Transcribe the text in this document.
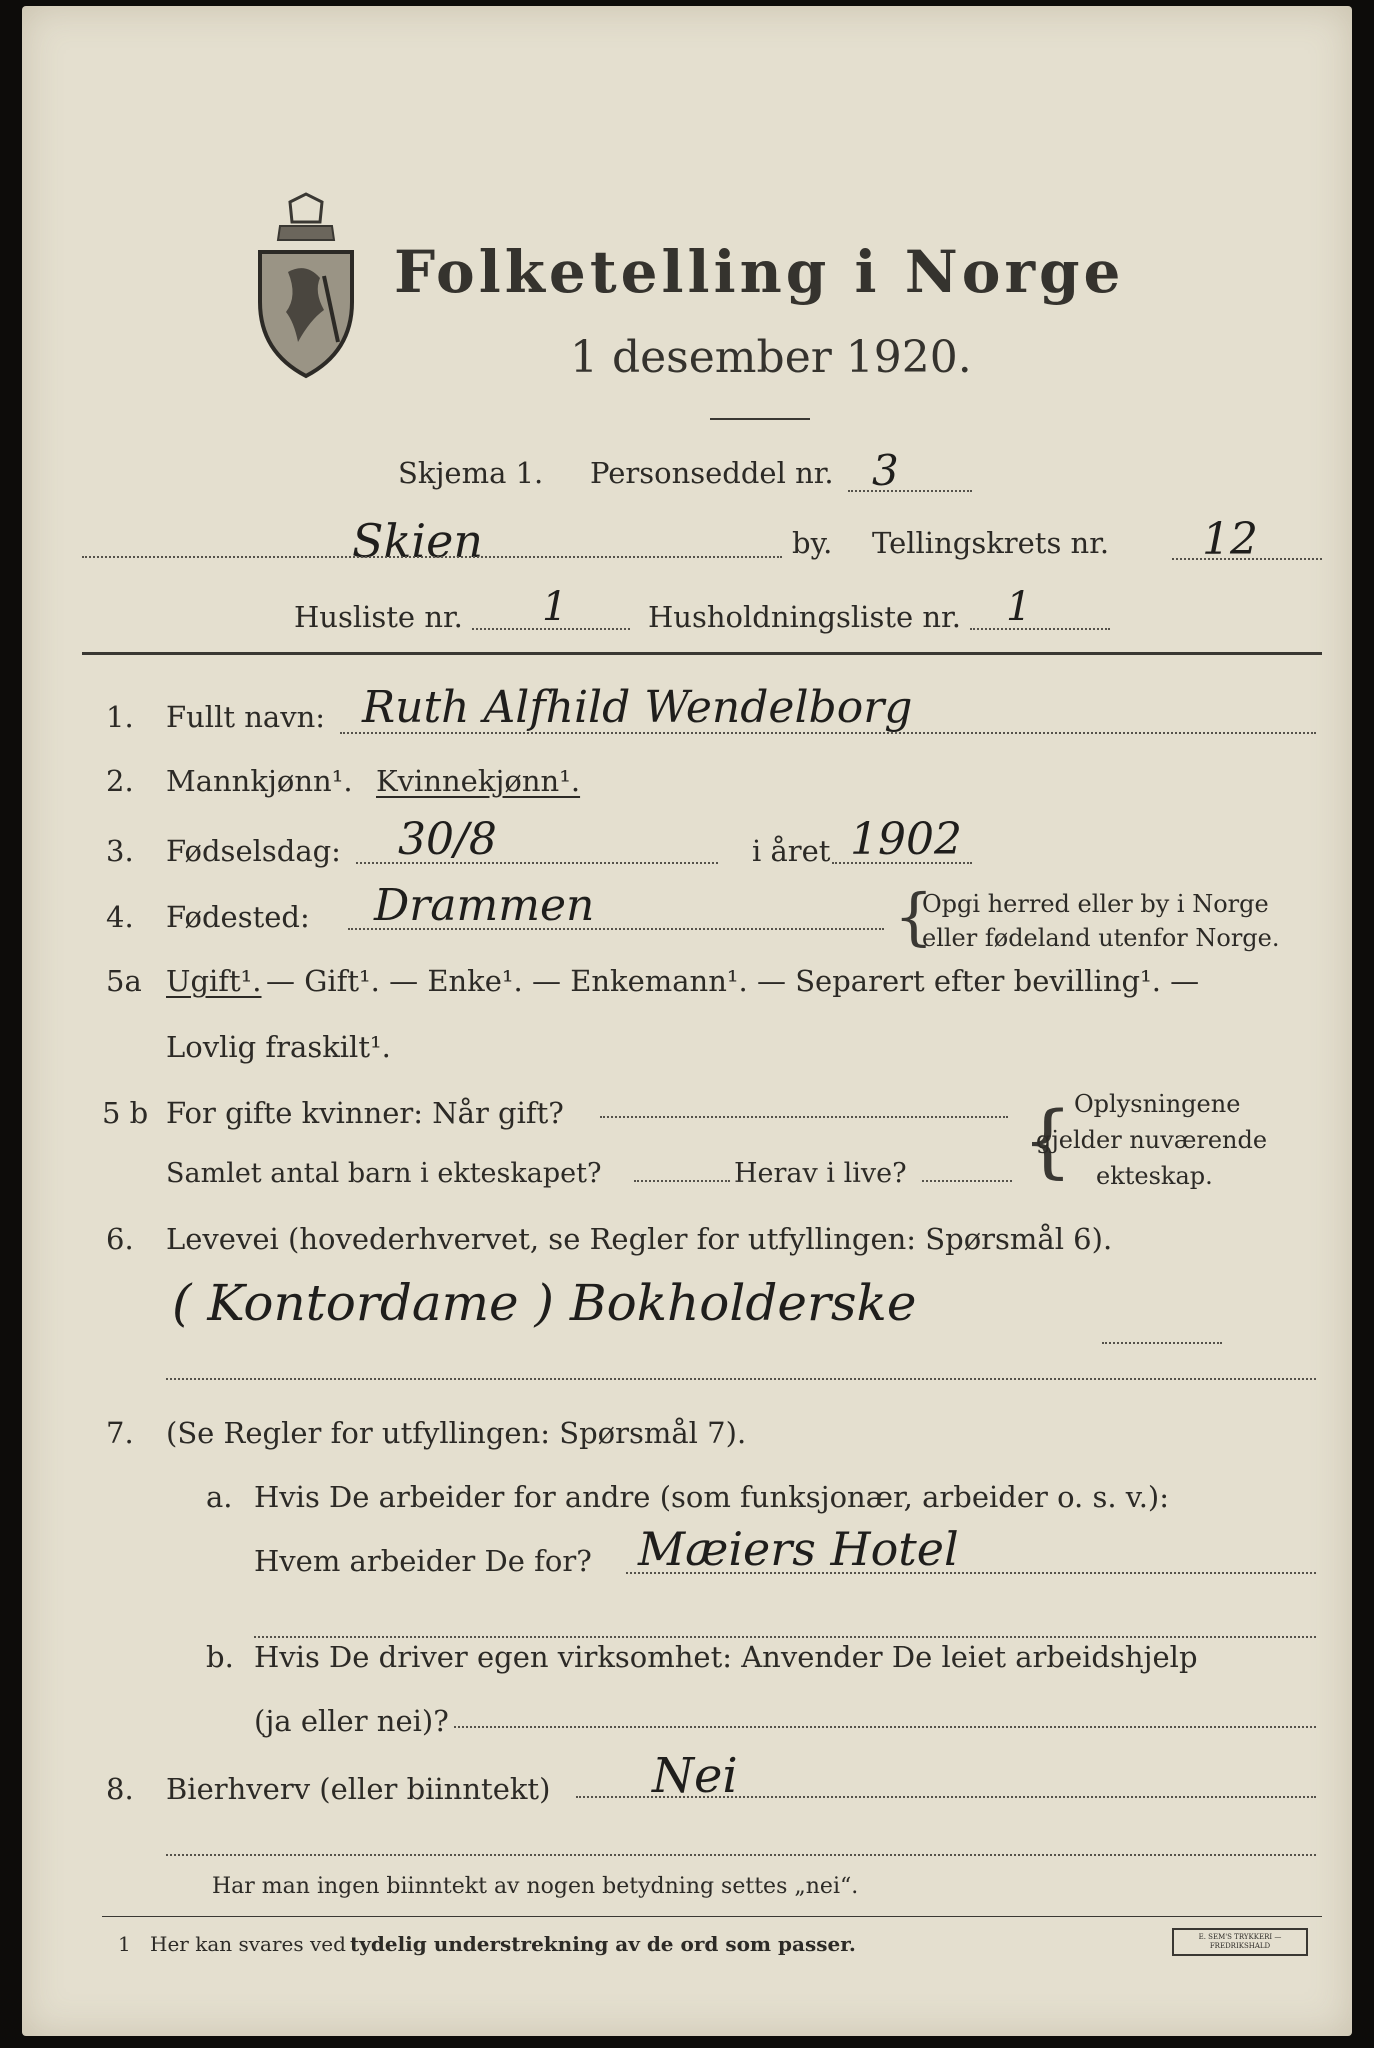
Folketelling i Norge
1 desember 1920.
Skjema 1. Personseddel nr. 3
Skien	by. Tellingskrets nr. 12
Husliste nr. 1	Husholdningsliste nr. 1
1. Fullt navn: Ruth Alfhild Wendelborg
2. Mannkjønn¹. Kvinnekjønn¹.
3. Fødselsdag: 30/8	i året 1902
4. Fødested: Drammen	{
Opgi herred eller by i Norge
eller fødeland utenfor Norge.
5a Ugift¹. — Gift¹. — Enke¹. — Enkemann¹. — Separert efter bevilling¹. —
Lovlig fraskilt¹.
5 b For gifte kvinner: Når gift?
Samlet antal barn i ekteskapet?	Herav i live? { Oplysningene
gjelder nuværende
ekteskap.
6. Levevei (hovederhvervet, se Regler for utfyllingen: Spørsmål 6).
( Kontordame ) Bokholderske
7. (Se Regler for utfyllingen: Spørsmål 7).
a. Hvis De arbeider for andre (som funksjonær, arbeider o. s. v.):
Hvem arbeider De for? Mæiers Hotel
b. Hvis De driver egen virksomhet: Anvender De leiet arbeidshjelp
(ja eller nei)?
8. Bierhverv (eller biinntekt) Nei
Har man ingen biinntekt av nogen betydning settes „nei“.
1 Her kan svares ved tydelig understrekning av de ord som passer.	E. SEM'S TRYKKERI — FREDRIKSHALD
